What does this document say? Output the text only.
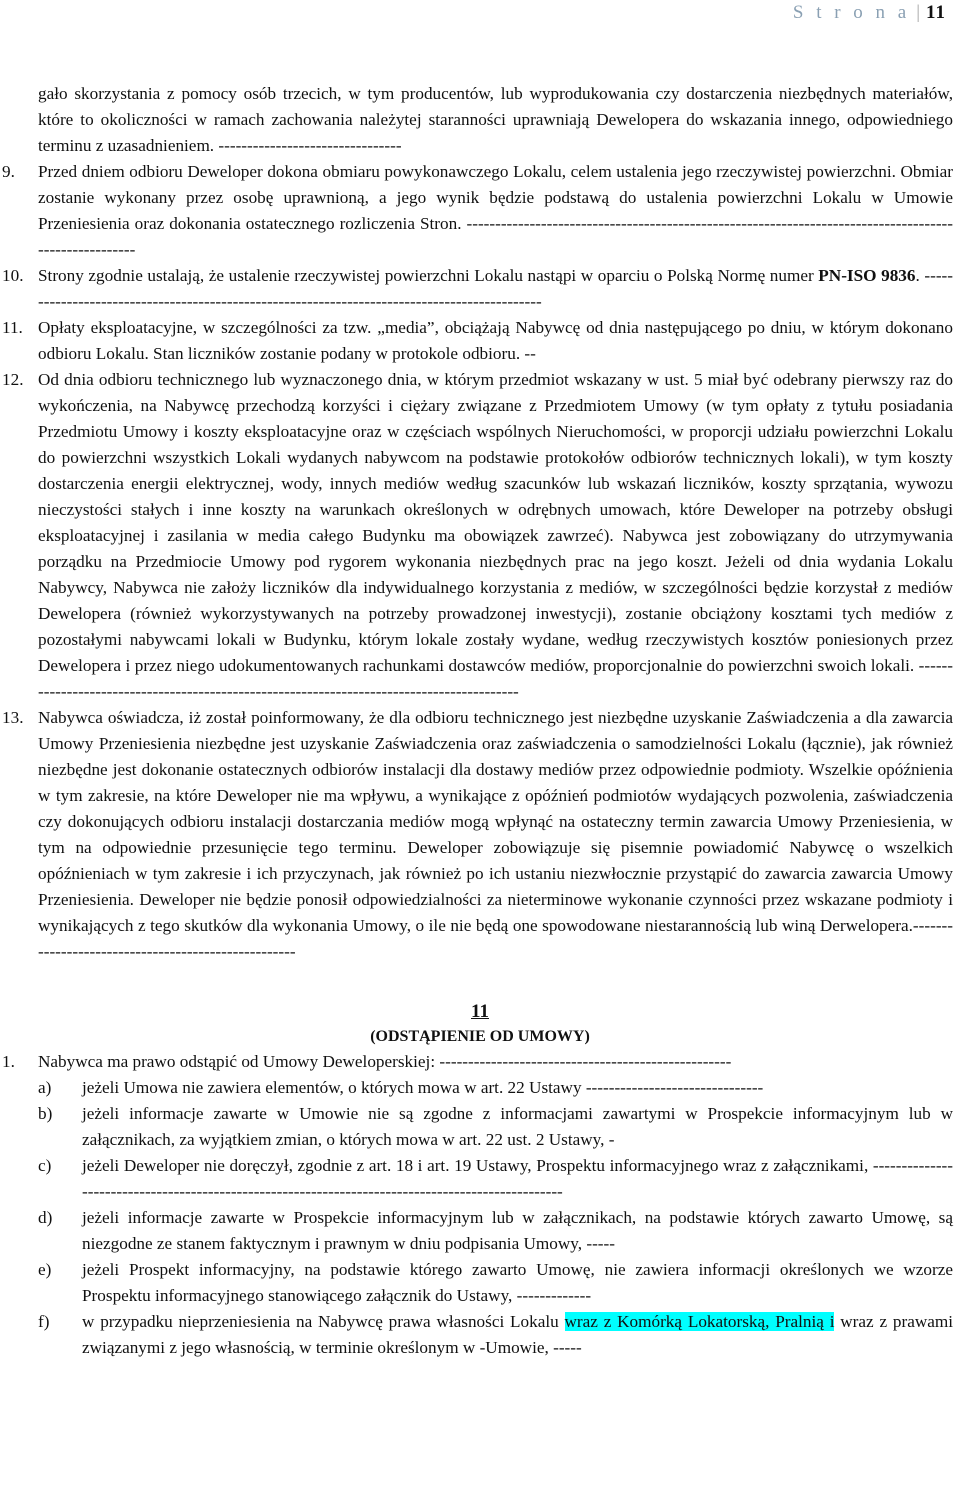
S t r o n a | 11
gało skorzystania z pomocy osób trzecich, w tym producentów, lub wyprodukowania czy dostarczenia niezbędnych materiałów, które to okoliczności w ramach zachowania należytej staranności uprawniają Dewelopera do wskazania innego, odpowiedniego terminu z uzasadnieniem. --------------------------------
9.	Przed dniem odbioru Deweloper dokona obmiaru powykonawczego Lokalu, celem ustalenia jego rzeczywistej powierzchni. Obmiar zostanie wykonany przez osobę uprawnioną, a jego wynik będzie podstawą do ustalenia powierzchni Lokalu w Umowie Przeniesienia oraz dokonania ostatecznego rozliczenia Stron. ------------------------------------------------------------------------------------------------------
10. Strony zgodnie ustalają, że ustalenie rzeczywistej powierzchni Lokalu nastąpi w oparciu o Polską Normę numer PN-ISO 9836. ---------------------------------------------------------------------------------------------
11. Opłaty eksploatacyjne, w szczególności za tzw. „media”, obciążają Nabywcę od dnia następującego po dniu, w którym dokonano odbioru Lokalu. Stan liczników zostanie podany w protokole odbioru. --
12. Od dnia odbioru technicznego lub wyznaczonego dnia, w którym przedmiot wskazany w ust. 5 miał być odebrany pierwszy raz do wykończenia, na Nabywcę przechodzą korzyści i ciężary związane z Przedmiotem Umowy (w tym opłaty z tytułu posiadania Przedmiotu Umowy i koszty eksploatacyjne oraz w częściach wspólnych Nieruchomości, w proporcji udziału powierzchni Lokalu do powierzchni wszystkich Lokali wydanych nabywcom na podstawie protokołów odbiorów technicznych lokali), w tym koszty dostarczenia energii elektrycznej, wody, innych mediów według szacunków lub wskazań liczników, koszty sprzątania, wywozu nieczystości stałych i inne koszty na warunkach określonych w odrębnych umowach, które Deweloper na potrzeby obsługi eksploatacyjnej i zasilania w media całego Budynku ma obowiązek zawrzeć). Nabywca jest zobowiązany do utrzymywania porządku na Przedmiocie Umowy pod rygorem wykonania niezbędnych prac na jego koszt. Jeżeli od dnia wydania Lokalu Nabywcy, Nabywca nie założy liczników dla indywidualnego korzystania z mediów, w szczególności będzie korzystał z mediów Dewelopera (również wykorzystywanych na potrzeby prowadzonej inwestycji), zostanie obciążony kosztami tych mediów z pozostałymi nabywcami lokali w Budynku, którym lokale zostały wydane, według rzeczywistych kosztów poniesionych przez Dewelopera i przez niego udokumentowanych rachunkami dostawców mediów, proporcjonalnie do powierzchni swoich lokali. ------------------------------------------------------------------------------------------
13. Nabywca oświadcza, iż został poinformowany, że dla odbioru technicznego jest niezbędne uzyskanie Zaświadczenia a dla zawarcia Umowy Przeniesienia niezbędne jest uzyskanie Zaświadczenia oraz zaświadczenia o samodzielności Lokalu (łącznie), jak również niezbędne jest dokonanie ostatecznych odbiorów instalacji dla dostawy mediów przez odpowiednie podmioty. Wszelkie opóźnienia w tym zakresie, na które Deweloper nie ma wpływu, a wynikające z opóźnień podmiotów wydających pozwolenia, zaświadczenia czy dokonujących odbioru instalacji dostarczania mediów mogą wpłynąć na ostateczny termin zawarcia Umowy Przeniesienia, w tym na odpowiednie przesunięcie tego terminu. Deweloper zobowiązuje się pisemnie powiadomić Nabywcę o wszelkich opóźnieniach w tym zakresie i ich przyczynach, jak również po ich ustaniu niezwłocznie przystąpić do zawarcia zawarcia Umowy Przeniesienia. Deweloper nie będzie ponosił odpowiedzialności za nieterminowe wykonanie czynności przez wskazane podmioty i wynikających z tego skutków dla wykonania Umowy, o ile nie będą one spowodowane niestarannością lub winą Derwelopera.----------------------------------------------------
11
(ODSTĄPIENIE OD UMOWY)
1.	Nabywca ma prawo odstąpić od Umowy Deweloperskiej: ---------------------------------------------------
a) jeżeli Umowa nie zawiera elementów, o których mowa w art. 22 Ustawy -------------------------------
b) jeżeli informacje zawarte w Umowie nie są zgodne z informacjami zawartymi w Prospekcie informacyjnym lub w załącznikach, za wyjątkiem zmian, o których mowa w art. 22 ust. 2 Ustawy, -
c) jeżeli Deweloper nie doręczył, zgodnie z art. 18 i art. 19 Ustawy, Prospektu informacyjnego wraz z załącznikami, --------------------------------------------------------------------------------------------------
d) jeżeli informacje zawarte w Prospekcie informacyjnym lub w załącznikach, na podstawie których zawarto Umowę, są niezgodne ze stanem faktycznym i prawnym w dniu podpisania Umowy, -----
e) jeżeli Prospekt informacyjny, na podstawie którego zawarto Umowę, nie zawiera informacji określonych we wzorze Prospektu informacyjnego stanowiącego załącznik do Ustawy, -------------
f) w przypadku nieprzeniesienia na Nabywcę prawa własności Lokalu wraz z Komórką Lokatorską, Pralnią i wraz z prawami związanymi z jego własnością, w terminie określonym w -Umowie, -----
